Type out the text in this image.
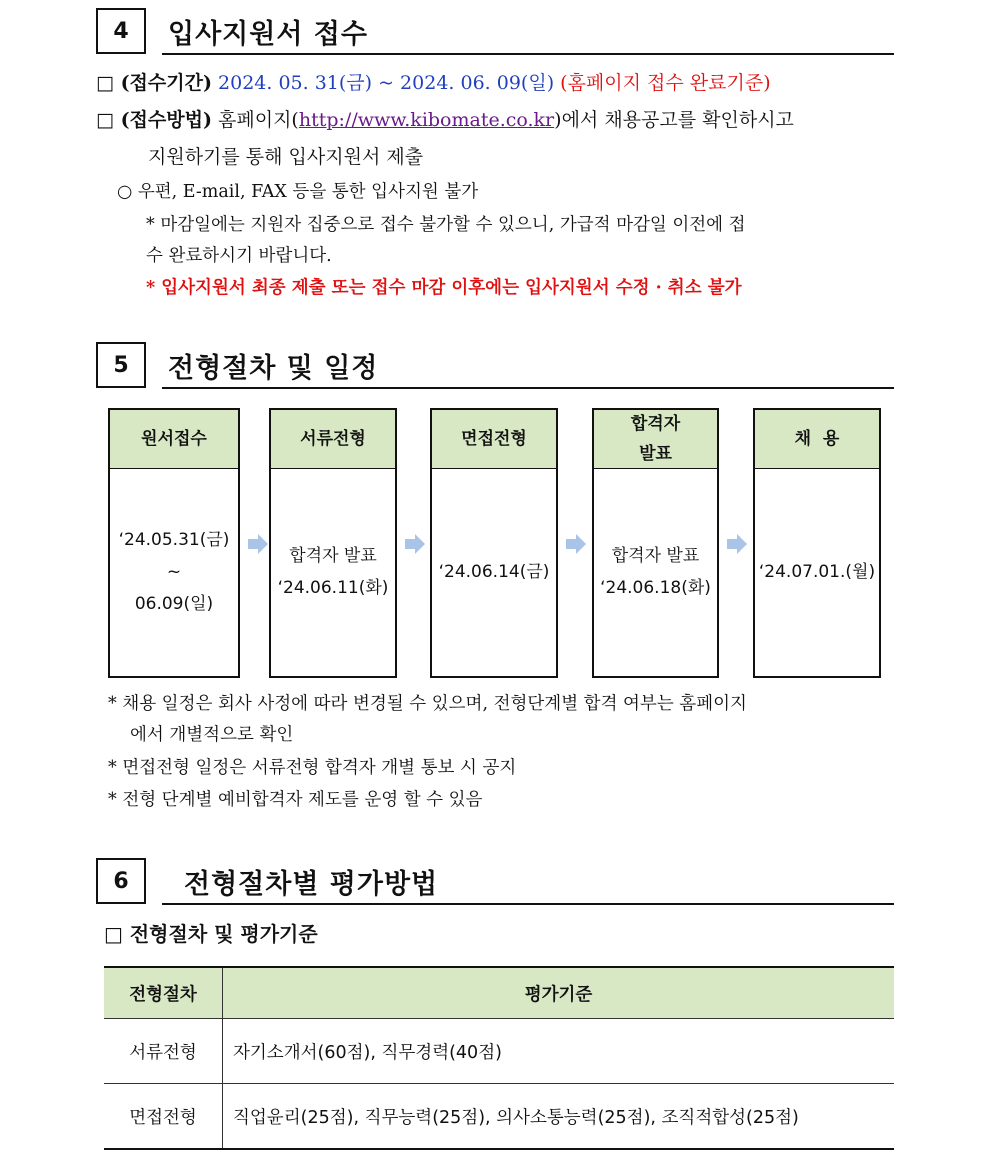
4	입사지원서 접수
□ (접수기간) 2024. 05. 31(금) ~ 2024. 06. 09(일) (홈페이지 접수 완료기준)
□ (접수방법) 홈페이지(http://www.kibomate.co.kr)에서 채용공고를 확인하시고
지원하기를 통해 입사지원서 제출
○ 우편, E-mail, FAX 등을 통한 입사지원 불가
* 마감일에는 지원자 집중으로 접수 불가할 수 있으니, 가급적 마감일 이전에 접
수 완료하시기 바랍니다.
* 입사지원서 최종 제출 또는 접수 마감 이후에는 입사지원서 수정 · 취소 불가
5	전형절차 및 일정
원서접수
‘24.05.31(금)
~
06.09(일)
서류전형
합격자 발표
‘24.06.11(화)
면접전형
‘24.06.14(금)
합격자
발표
합격자 발표
‘24.06.18(화)
채  용
‘24.07.01.(월)
* 채용 일정은 회사 사정에 따라 변경될 수 있으며, 전형단계별 합격 여부는 홈페이지
에서 개별적으로 확인
* 면접전형 일정은 서류전형 합격자 개별 통보 시 공지
* 전형 단계별 예비합격자 제도를 운영 할 수 있음
6	전형절차별 평가방법
□ 전형절차 및 평가기준
전형절차	평가기준
서류전형	자기소개서(60점), 직무경력(40점)
면접전형	직업윤리(25점), 직무능력(25점), 의사소통능력(25점), 조직적합성(25점)
